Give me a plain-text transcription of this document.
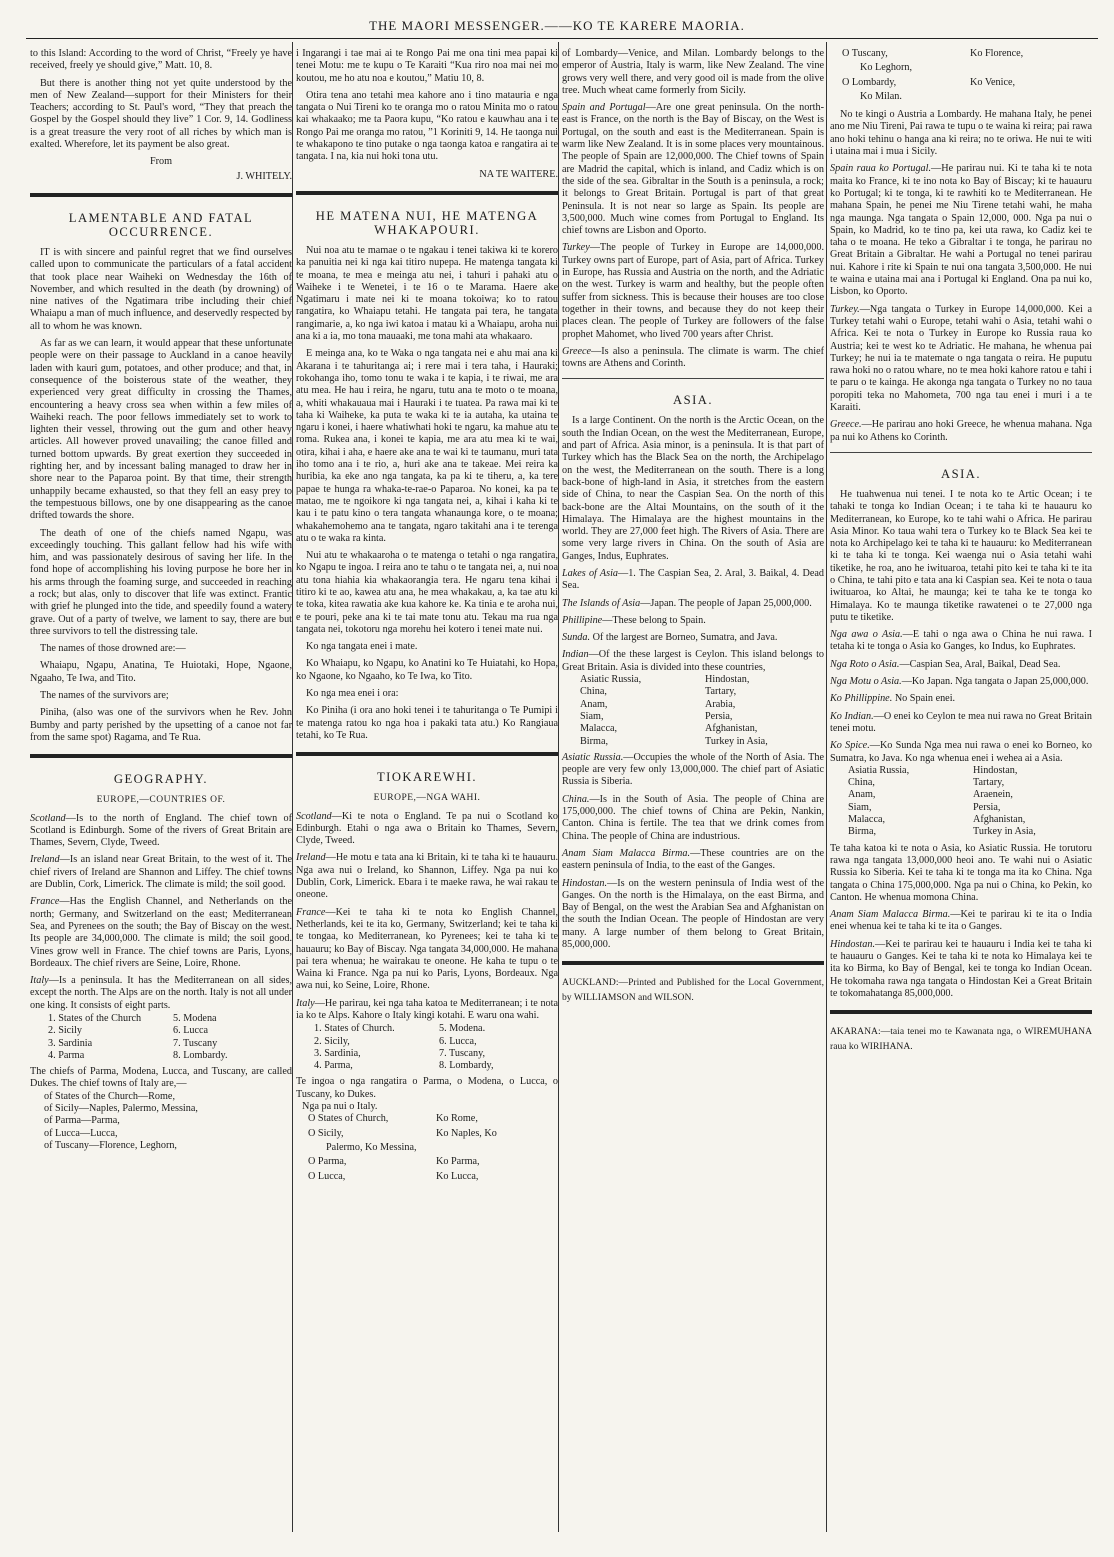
THE MAORI MESSENGER.——KO TE KARERE MAORIA.

to this Island: According to the word of Christ, “Freely ye have received, freely ye should give,” Matt. 10, 8.

But there is another thing not yet quite understood by the men of New Zealand—support for their Ministers for their Teachers; according to St. Paul's word, “They that preach the Gospel by the Gospel should they live” 1 Cor. 9, 14. Godliness is a great treasure the very root of all riches by which man is exalted. Wherefore, let its payment be also great.

From
J. WHITELY.
LAMENTABLE AND FATAL OCCURRENCE.

IT is with sincere and painful regret that we find ourselves called upon to communicate the particulars of a fatal accident that took place near Waiheki on Wednesday the 16th of November, and which resulted in the death (by drowning) of nine natives of the Ngatimara tribe including their chief Whaiapu a man of much influence, and deservedly respected by all to whom he was known.

As far as we can learn, it would appear that these unfortunate people were on their passage to Auckland in a canoe heavily laden with kauri gum, potatoes, and other produce; and that, in consequence of the boisterous state of the weather, they experienced very great difficulty in crossing the Thames, encountering a heavy cross sea when within a few miles of Waiheki reach. The poor fellows immediately set to work to lighten their vessel, throwing out the gum and other heavy articles. All however proved unavailing; the canoe filled and turned bottom upwards. By great exertion they succeeded in righting her, and by incessant baling managed to draw her in shore near to the Paparoa point. By that time, their strength unhappily became exhausted, so that they fell an easy prey to the tempestuous billows, one by one disappearing as the canoe drifted towards the shore.

The death of one of the chiefs named Ngapu, was exceedingly touching. This gallant fellow had his wife with him, and was passionately desirous of saving her life. In the fond hope of accomplishing his loving purpose he bore her in his arms through the foaming surge, and succeeded in reaching a rock; but alas, only to discover that life was extinct. Frantic with grief he plunged into the tide, and speedily found a watery grave. Out of a party of twelve, we lament to say, there are but three survivors to tell the distressing tale.

The names of those drowned are:—

Whaiapu, Ngapu, Anatina, Te Huiotaki, Hope, Ngaone, Ngaaho, Te Iwa, and Tito.

The names of the survivors are;

Piniha, (also was one of the survivors when he Rev. John Bumby and party perished by the upsetting of a canoe not far from the same spot) Ragama, and Te Rua.

GEOGRAPHY.
EUROPE,—COUNTRIES OF.

Scotland—Is to the north of England. The chief town of Scotland is Edinburgh. Some of the rivers of Great Britain are Thames, Severn, Clyde, Tweed.

Ireland—Is an island near Great Britain, to the west of it. The chief rivers of Ireland are Shannon and Liffey. The chief towns are Dublin, Cork, Limerick. The climate is mild; the soil good.

France—Has the English Channel, and Netherlands on the north; Germany, and Switzerland on the east; Mediterranean Sea, and Pyrenees on the south; the Bay of Biscay on the west. Its people are 34,000,000. The climate is mild; the soil good. Vines grow well in France. The chief towns are Paris, Lyons, Bordeaux. The chief rivers are Seine, Loire, Rhone.

Italy—Is a peninsula. It has the Mediterranean on all sides, except the north. The Alps are on the north. Italy is not all under one king. It consists of eight parts.

1. States of the Church	5. Modena
2. Sicily	6. Lucca
3. Sardinia	7. Tuscany
4. Parma	8. Lombardy.

The chiefs of Parma, Modena, Lucca, and Tuscany, are called Dukes. The chief towns of Italy are,—

of States of the Church—Rome,
of Sicily—Naples, Palermo, Messina,
of Parma—Parma,
of Lucca—Lucca,
of Tuscany—Florence, Leghorn,

i Ingarangi i tae mai ai te Rongo Pai me ona tini mea papai ki tenei Motu: me te kupu o Te Karaiti “Kua riro noa mai nei mo koutou, me ho atu noa e koutou,” Matiu 10, 8.

Otira tena ano tetahi mea kahore ano i tino matauria e nga tangata o Nui Tireni ko te oranga mo o ratou Minita mo o ratou kai whakaako; me ta Paora kupu, “Ko ratou e kauwhau ana i te Rongo Pai me oranga mo ratou, ”1 Koriniti 9, 14. He taonga nui te whakapono te tino putake o nga taonga katoa e rangatira ai te tangata. I na, kia nui hoki tona utu.

NA TE WAITERE.
HE MATENA NUI, HE MATENGA WHAKAPOURI.

Nui noa atu te mamae o te ngakau i tenei takiwa ki te korero ka panuitia nei ki nga kai titiro nupepa. He matenga tangata ki te moana, te mea e meinga atu nei, i tahuri i pahaki atu o Waiheke i te Wenetei, i te 16 o te Marama. Haere ake Ngatimaru i mate nei ki te moana tokoiwa; ko to ratou rangatira, ko Whaiapu tetahi. He tangata pai tera, he tangata rangimarie, a, ko nga iwi katoa i matau ki a Whaiapu, aroha nui ana ki a ia, mo tona mauaaki, me tona mahi ata whakaaro.

E meinga ana, ko te Waka o nga tangata nei e ahu mai ana ki Akarana i te tahuritanga ai; i rere mai i tera taha, i Hauraki; rokohanga iho, tomo tonu te waka i te kapia, i te riwai, me ara atu mea. He hau i reira, he ngaru, tutu ana te moto o te moana, a, whiti whakauaua mai i Hauraki i te tuatea. Pa rawa mai ki te taha ki Waiheke, ka puta te waka ki te ia autaha, ka utaina te ngaru i konei, i haere whatiwhati hoki te ngaru, ka mahue atu te roma. Rukea ana, i konei te kapia, me ara atu mea ki te wai, otira, kihai i aha, e haere ake ana te wai ki te taumanu, muri tata iho tomo ana i te rio, a, huri ake ana te takeae. Mei reira ka huribia, ka eke ano nga tangata, ka pa ki te tiheru, a, ka tere papae te hunga ra whaka-te-rae-o Paparoa. No konei, ka pa te matao, me te ngoikore ki nga tangata nei, a, kihai i kaha ki te kau i te patu kino o tera tangata whanaunga kore, o te moana; whakahemohemo ana te tangata, ngaro takitahi ana i te terenga atu o te waka ra kinta.

Nui atu te whakaaroha o te matenga o tetahi o nga rangatira, ko Ngapu te ingoa. I reira ano te tahu o te tangata nei, a, nui noa atu tona hiahia kia whakaorangia tera. He ngaru tena kihai i titiro ki te ao, kawea atu ana, he mea whakakau, a, ka tae atu ki te toka, kitea rawatia ake kua kahore ke. Ka tinia e te aroha nui, e te pouri, peke ana ki te tai mate tonu atu. Tekau ma rua nga tangata nei, tokotoru nga morehu hei kotero i tenei mate nui.

Ko nga tangata enei i mate.

Ko Whaiapu, ko Ngapu, ko Anatini ko Te Huiatahi, ko Hopa, ko Ngaone, ko Ngaaho, ko Te Iwa, ko Tito.

Ko nga mea enei i ora:

Ko Piniha (i ora ano hoki tenei i te tahuritanga o Te Pumipi i te matenga ratou ko nga hoa i pakaki tata atu.) Ko Rangiaua tetahi, ko Te Rua.

TIOKAREWHI.
EUROPE,—NGA WAHI.

Scotland—Ki te nota o England. Te pa nui o Scotland ko Edinburgh. Etahi o nga awa o Britain ko Thames, Severn, Clyde, Tweed.

Ireland—He motu e tata ana ki Britain, ki te taha ki te hauauru. Nga awa nui o Ireland, ko Shannon, Liffey. Nga pa nui ko Dublin, Cork, Limerick. Ebara i te maeke rawa, he wai rakau te oneone.

France—Kei te taha ki te nota ko English Channel, Netherlands, kei te ita ko, Germany, Switzerland; kei te taha ki te tongaa, ko Mediterranean, ko Pyrenees; kei te taha ki te hauauru; ko Bay of Biscay. Nga tangata 34,000,000. He mahana pai tera whenua; he wairakau te oneone. He kaha te tupu o te Waina ki France. Nga pa nui ko Paris, Lyons, Bordeaux. Nga awa nui, ko Seine, Loire, Rhone.

Italy—He parirau, kei nga taha katoa te Mediterranean; i te nota ia ko te Alps. Kahore o Italy kingi kotahi. E waru ona wahi.

1. States of Church.	5. Modena.
2. Sicily,	6. Lucca,
3. Sardinia,	7. Tuscany,
4. Parma,	8. Lombardy,

Te ingoa o nga rangatira o Parma, o Modena, o Lucca, o Tuscany, ko Dukes.

Nga pa nui o Italy.
O States of Church,	Ko Rome,
O Sicily,	Ko Naples, Ko
Palermo, Ko Messina,
O Parma,	Ko Parma,
O Lucca,	Ko Lucca,

of Lombardy—Venice, and Milan. Lombardy belongs to the emperor of Austria, Italy is warm, like New Zealand. The vine grows very well there, and very good oil is made from the olive tree. Much wheat came formerly from Sicily.

Spain and Portugal—Are one great peninsula. On the north-east is France, on the north is the Bay of Biscay, on the West is Portugal, on the south and east is the Mediterranean. Spain is warm like New Zealand. It is in some places very mountainous. The people of Spain are 12,000,000. The Chief towns of Spain are Madrid the capital, which is inland, and Cadiz which is on the side of the sea. Gibraltar in the South is a peninsula, a rock; it belongs to Great Britain. Portugal is part of that great Peninsula. It is not near so large as Spain. Its people are 3,500,000. Much wine comes from Portugal to England. Its chief towns are Lisbon and Oporto.

Turkey—The people of Turkey in Europe are 14,000,000. Turkey owns part of Europe, part of Asia, part of Africa. Turkey in Europe, has Russia and Austria on the north, and the Adriatic on the west. Turkey is warm and healthy, but the people often suffer from sickness. This is because their houses are too close together in their towns, and because they do not keep their places clean. The people of Turkey are followers of the false prophet Mahomet, who lived 700 years after Christ.

Greece—Is also a peninsula. The climate is warm. The chief towns are Athens and Corinth.

ASIA.

Is a large Continent. On the north is the Arctic Ocean, on the south the Indian Ocean, on the west the Mediterranean, Europe, and part of Africa. Asia minor, is a peninsula. It is that part of Turkey which has the Black Sea on the north, the Archipelago on the west, the Mediterranean on the south. There is a long back-bone of high-land in Asia, it stretches from the eastern side of China, to near the Caspian Sea. On the north of this back-bone are the Altai Mountains, on the south of it the Himalaya. The Himalaya are the highest mountains in the world. They are 27,000 feet high. The Rivers of Asia. There are some very large rivers in China. On the south of Asia are Ganges, Indus, Euphrates.

Lakes of Asia—1. The Caspian Sea, 2. Aral, 3. Baikal, 4. Dead Sea.

The Islands of Asia—Japan. The people of Japan 25,000,000.

Phillipine—These belong to Spain.

Sunda. Of the largest are Borneo, Sumatra, and Java.

Indian—Of the these largest is Ceylon. This island belongs to Great Britain. Asia is divided into these countries,

Asiatic Russia,	Hindostan,
China,	Tartary,
Anam,	Arabia,
Siam,	Persia,
Malacca,	Afghanistan,
Birma,	Turkey in Asia,

Asiatic Russia.—Occupies the whole of the North of Asia. The people are very few only 13,000,000. The chief part of Asiatic Russia is Siberia.

China.—Is in the South of Asia. The people of China are 175,000,000. The chief towns of China are Pekin, Nankin, Canton. China is fertile. The tea that we drink comes from China. The people of China are industrious.

Anam Siam Malacca Birma.—These countries are on the eastern peninsula of India, to the east of the Ganges.

Hindostan.—Is on the western peninsula of India west of the Ganges. On the north is the Himalaya, on the east Birma, and Bay of Bengal, on the west the Arabian Sea and Afghanistan on the south the Indian Ocean. The people of Hindostan are very many. A large number of them belong to Great Britain, 85,000,000.

AUCKLAND:—Printed and Published for the Local Government, by WILLIAMSON and WILSON.

O Tuscany,	Ko Florence,
Ko Leghorn,
O Lombardy,	Ko Venice,
Ko Milan.

No te kingi o Austria a Lombardy. He mahana Italy, he penei ano me Niu Tireni, Pai rawa te tupu o te waina ki reira; pai rawa ano hoki tehinu o hanga ana ki reira; no te oriwa. He nui te witi i utaina mai i mua i Sicily.

Spain raua ko Portugal.—He parirau nui. Ki te taha ki te nota maita ko France, ki te ino nota ko Bay of Biscay; ki te hauauru ko Portugal; ki te tonga, ki te rawhiti ko te Mediterranean. He mahana Spain, he penei me Niu Tirene tetahi wahi, he maha nga maunga. Nga tangata o Spain 12,000, 000. Nga pa nui o Spain, ko Madrid, ko te tino pa, kei uta rawa, ko Cadiz kei te taha o te moana. He teko a Gibraltar i te tonga, he parirau no Great Britain a Gibraltar. He wahi a Portugal no tenei parirau nui. Kahore i rite ki Spain te nui ona tangata 3,500,000. He nui te waina e utaina mai ana i Portugal ki England. Ona pa nui ko, Lisbon, ko Oporto.

Turkey.—Nga tangata o Turkey in Europe 14,000,000. Kei a Turkey tetahi wahi o Europe, tetahi wahi o Asia, tetahi wahi o Africa. Kei te nota o Turkey in Europe ko Russia raua ko Austria; kei te west ko te Adriatic. He mahana, he whenua pai Turkey; he nui ia te matemate o nga tangata o reira. He puputu rawa hoki no o ratou whare, no te mea hoki kahore ratou e tahi i te paru o te kainga. He akonga nga tangata o Turkey no no taua poropiti teka no Mahometa, 700 nga tau enei i muri i a te Karaiti.

Greece.—He parirau ano hoki Greece, he whenua mahana. Nga pa nui ko Athens ko Corinth.

ASIA.

He tuahwenua nui tenei. I te nota ko te Artic Ocean; i te tahaki te tonga ko Indian Ocean; i te taha ki te hauauru ko Mediterranean, ko Europe, ko te tahi wahi o Africa. He parirau Asia Minor. Ko taua wahi tera o Turkey ko te Black Sea kei te nota ko Archipelago kei te taha ki te hauauru: ko Mediterranean ki te taha ki te tonga. Kei waenga nui o Asia tetahi wahi tiketike, he roa, ano he iwituaroa, tetahi pito kei te taha ki te ita o China, te tahi pito e tata ana ki Caspian sea. Kei te nota o taua iwituaroa, ko Altai, he maunga; kei te taha ke te tonga ko Himalaya. Ko te maunga tiketike rawatenei o te 27,000 nga putu te tiketike.

Nga awa o Asia.—E tahi o nga awa o China he nui rawa. I tetaha ki te tonga o Asia ko Ganges, ko Indus, ko Euphrates.

Nga Roto o Asia.—Caspian Sea, Aral, Baikal, Dead Sea.

Nga Motu o Asia.—Ko Japan. Nga tangata o Japan 25,000,000.

Ko Phillippine. No Spain enei.

Ko Indian.—O enei ko Ceylon te mea nui rawa no Great Britain tenei motu.

Ko Spice.—Ko Sunda Nga mea nui rawa o enei ko Borneo, ko Sumatra, ko Java. Ko nga whenua enei i wehea ai a Asia.

Asiatia Russia,	Hindostan,
China,	Tartary,
Anam,	Araenein,
Siam,	Persia,
Malacca,	Afghanistan,
Birma,	Turkey in Asia,

Te taha katoa ki te nota o Asia, ko Asiatic Russia. He torutoru rawa nga tangata 13,000,000 heoi ano. Te wahi nui o Asiatic Russia ko Siberia. Kei te taha ki te tonga ma ita ko China. Nga tangata o China 175,000,000. Nga pa nui o China, ko Pekin, ko Canton. He whenua momona China.

Anam Siam Malacca Birma.—Kei te parirau ki te ita o India enei whenua kei te taha ki te ita o Ganges.

Hindostan.—Kei te parirau kei te hauauru i India kei te taha ki te hauauru o Ganges. Kei te taha ki te nota ko Himalaya kei te ita ko Birma, ko Bay of Bengal, kei te tonga ko Indian Ocean. He tokomaha rawa nga tangata o Hindostan Kei a Great Britain te tokomahatanga 85,000,000.

AKARANA:—taia tenei mo te Kawanata nga, o WIREMUHANA raua ko WIRIHANA.
